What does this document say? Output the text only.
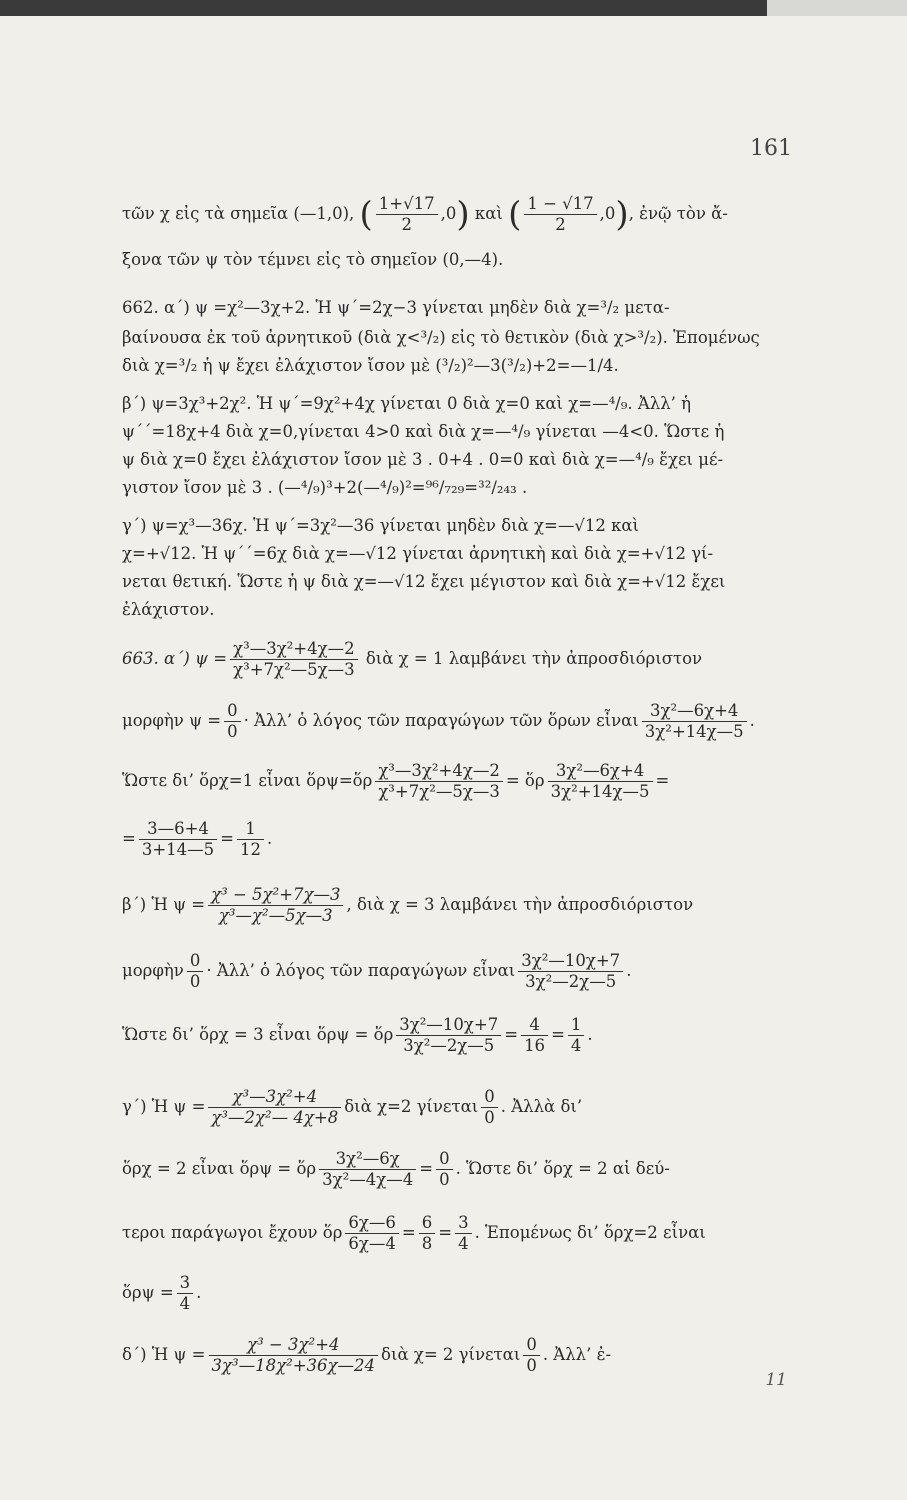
161
τῶν χ εἰς τὰ σημεῖα (—1,0), ( $\frac{1+√17}{2} ,0$) καὶ ( $\frac{1 - √17}{2} ,0$), ἐνῷ τὸν ἄ-
ξονα τῶν ψ τὸν τέμνει εἰς τὸ σημεῖον (0,—4).
662. α΄) ψ =χ²—3χ+2. Ἡ ψ΄=2χ−3 γίνεται μηδὲν διὰ χ=³/₂ μετα-
βαίνουσα ἐκ τοῦ ἀρνητικοῦ (διὰ χ<³/₂) εἰς τὸ θετικὸν (διὰ χ>³/₂). Ἑπομένως
διὰ χ=³/₂ ἡ ψ ἔχει ἐλάχιστον ἴσον μὲ (³/₂)²—3(³/₂)+2=—1/4.
β΄) ψ=3χ³+2χ². Ἡ ψ΄=9χ²+4χ γίνεται 0 διὰ χ=0 καὶ χ=—⁴/₉. Ἀλλ’ ἡ
ψ΄΄=18χ+4 διὰ χ=0,γίνεται 4>0 καὶ διὰ χ=—⁴/₉ γίνεται —4<0. Ὥστε ἡ
ψ διὰ χ=0 ἔχει ἐλάχιστον ἴσον μὲ 3 . 0+4 . 0=0 καὶ διὰ χ=—⁴/₉ ἔχει μέ-
γιστον ἴσον μὲ 3 . (—⁴/₉)³+2(—⁴/₉)²=⁹⁶/₇₂₉=³²/₂₄₃ .
γ΄) ψ=χ³—36χ. Ἡ ψ΄=3χ²—36 γίνεται μηδὲν διὰ χ=—√12 καὶ
χ=+√12. Ἡ ψ΄΄=6χ διὰ χ=—√12 γίνεται ἀρνητικὴ καὶ διὰ χ=+√12 γί-
νεται θετική. Ὥστε ἡ ψ διὰ χ=—√12 ἔχει μέγιστον καὶ διὰ χ=+√12 ἔχει
ἐλάχιστον.
663. α΄) $\psi = \frac{\text{χ³—3χ²+4χ—2}}{\text{χ³+7χ²—5χ—3}}$ διὰ χ = 1 λαμβάνει τὴν ἀπροσδιόριστον
μορφὴν $\psi = \frac{0}{0}$ · Ἀλλ’ ὁ λόγος τῶν παραγώγων τῶν ὅρων εἶναι $\frac{\text{3χ²—6χ+4}}{\text{3χ²+14χ—5}}$ .
Ὥστε δι’ ὅρχ=1 εἶναι ὅρψ=ὅρ $\frac{\text{χ³—3χ²+4χ—2}}{\text{χ³+7χ²—5χ—3}}$ = ὅρ $\frac{\text{3χ²—6χ+4}}{\text{3χ²+14χ—5}}$ =
= $\frac{3—6+4}{3+14—5} = \frac{1}{12}$ .
β΄) Ἡ $\psi = \frac{\text{χ³ − 5χ²+7χ—3}}{\text{χ³—χ²—5χ—3}}$ , διὰ χ = 3 λαμβάνει τὴν ἀπροσδιόριστον
μορφὴν $\frac{0}{0}$ · Ἀλλ’ ὁ λόγος τῶν παραγώγων εἶναι $\frac{\text{3χ²—10χ+7}}{\text{3χ²—2χ—5}}$ .
Ὥστε δι’ ὅρχ = 3 εἶναι ὅρψ = ὅρ $\frac{\text{3χ²—10χ+7}}{\text{3χ²—2χ—5}} = \frac{4}{16} = \frac{1}{4}$ .
γ΄) Ἡ $\psi = \frac{\text{χ³—3χ²+4}}{\text{χ³—2χ²— 4χ+8}}$ διὰ χ=2 γίνεται $\frac{0}{0}$ . Ἀλλὰ δι’
ὅρχ = 2 εἶναι ὅρψ = ὅρ $\frac{\text{3χ²—6χ}}{\text{3χ²—4χ—4}} = \frac{0}{0}$ . Ὥστε δι’ ὅρχ = 2 αἱ δεύ-
τεροι παράγωγοι ἔχουν ὅρ $\frac{6\chi—6}{6\chi—4} = \frac{6}{8} = \frac{3}{4}$ . Ἑπομένως δι’ ὅρχ=2 εἶναι
ὅρψ = $\frac{3}{4}$ .
δ΄) Ἡ $\psi = \frac{\text{χ³ − 3χ²+4}}{\text{3χ³—18χ²+36χ—24}}$ διὰ χ= 2 γίνεται $\frac{0}{0}$ . Ἀλλ’ ἐ-
11
